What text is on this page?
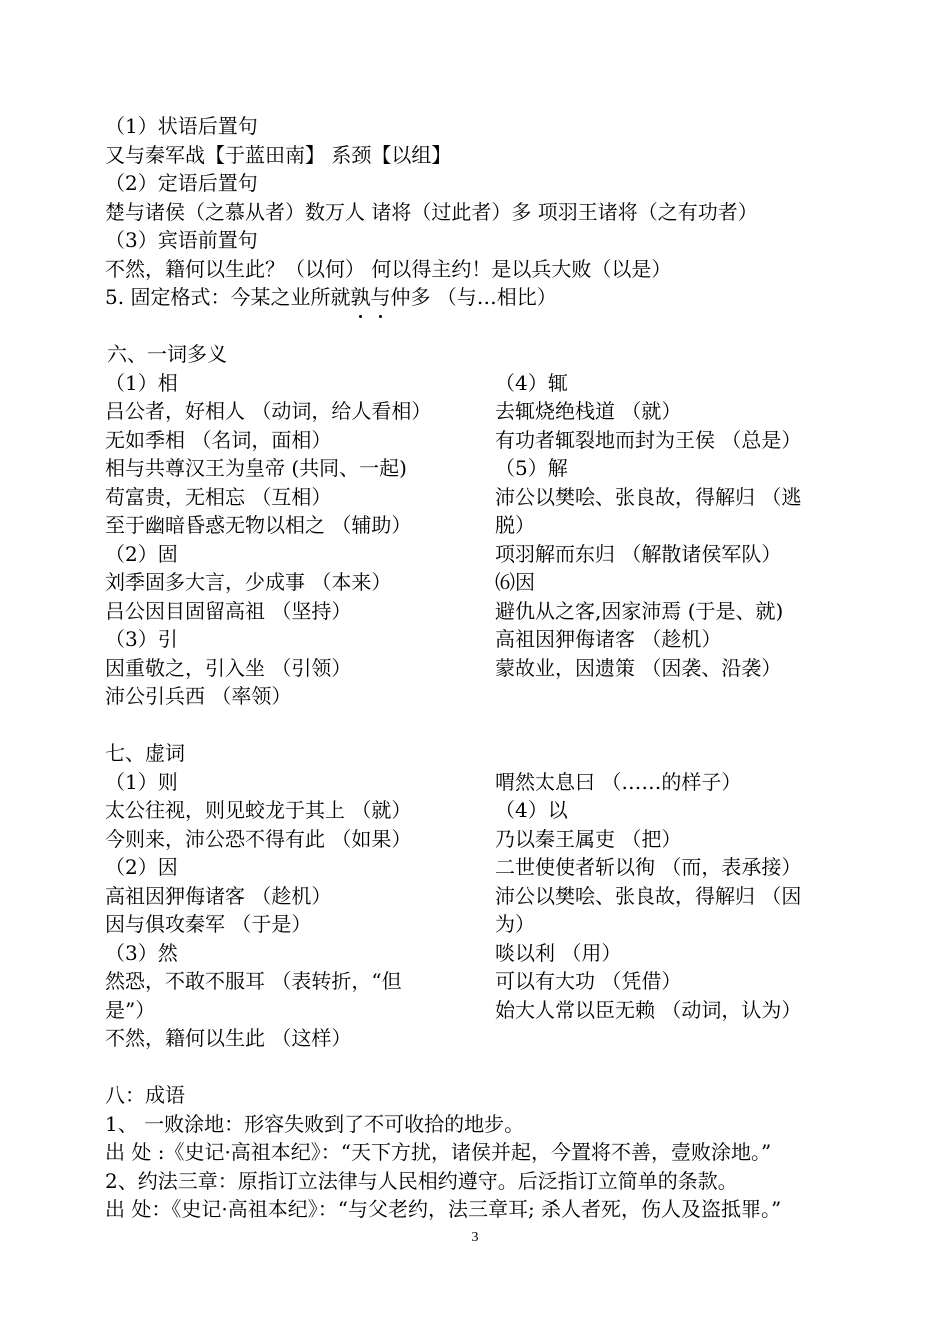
（1）状语后置句
又与秦军战【于蓝田南】 系颈【以组】
（2）定语后置句
楚与诸侯（之慕从者）数万人 诸将（过此者）多 项羽王诸将（之有功者）
（3）宾语前置句
不然，籍何以生此？（以何） 何以得主约！是以兵大败（以是）
5. 固定格式：今某之业所就孰与仲多 （与…相比）
六、一词多义
（1）相
吕公者，好相人 （动词，给人看相）
无如季相 （名词，面相）
相与共尊汉王为皇帝 (共同、一起)
苟富贵，无相忘 （互相）
至于幽暗昏惑无物以相之 （辅助）
（2）固
刘季固多大言，少成事 （本来）
吕公因目固留高祖 （坚持）
（3）引
因重敬之，引入坐 （引领）
沛公引兵西 （率领）
（4）辄
去辄烧绝栈道 （就）
有功者辄裂地而封为王侯 （总是）
（5）解
沛公以樊哙、张良故，得解归 （逃
脱）
项羽解而东归 （解散诸侯军队）
⑹因
避仇从之客,因家沛焉 (于是、就)
高祖因狎侮诸客 （趁机）
蒙故业，因遗策 （因袭、沿袭）
七、虚词
（1）则
太公往视，则见蛟龙于其上 （就）
今则来，沛公恐不得有此 （如果）
（2）因
高祖因狎侮诸客 （趁机）
因与俱攻秦军 （于是）
（3）然
然恐，不敢不服耳 （表转折，“但
是”）
不然，籍何以生此 （这样）
喟然太息曰 （……的样子）
（4）以
乃以秦王属吏 （把）
二世使使者斩以徇 （而，表承接）
沛公以樊哙、张良故，得解归 （因
为）
啖以利 （用）
可以有大功 （凭借）
始大人常以臣无赖 （动词，认为）
八：成语
1、 一败涂地：形容失败到了不可收拾的地步。
出 处 :《史记·高祖本纪》：“天下方扰，诸侯并起，今置将不善，壹败涂地。”
2、约法三章：原指订立法律与人民相约遵守。后泛指订立简单的条款。
出 处：《史记·高祖本纪》：“与父老约，法三章耳; 杀人者死，伤人及盗抵罪。”
3
